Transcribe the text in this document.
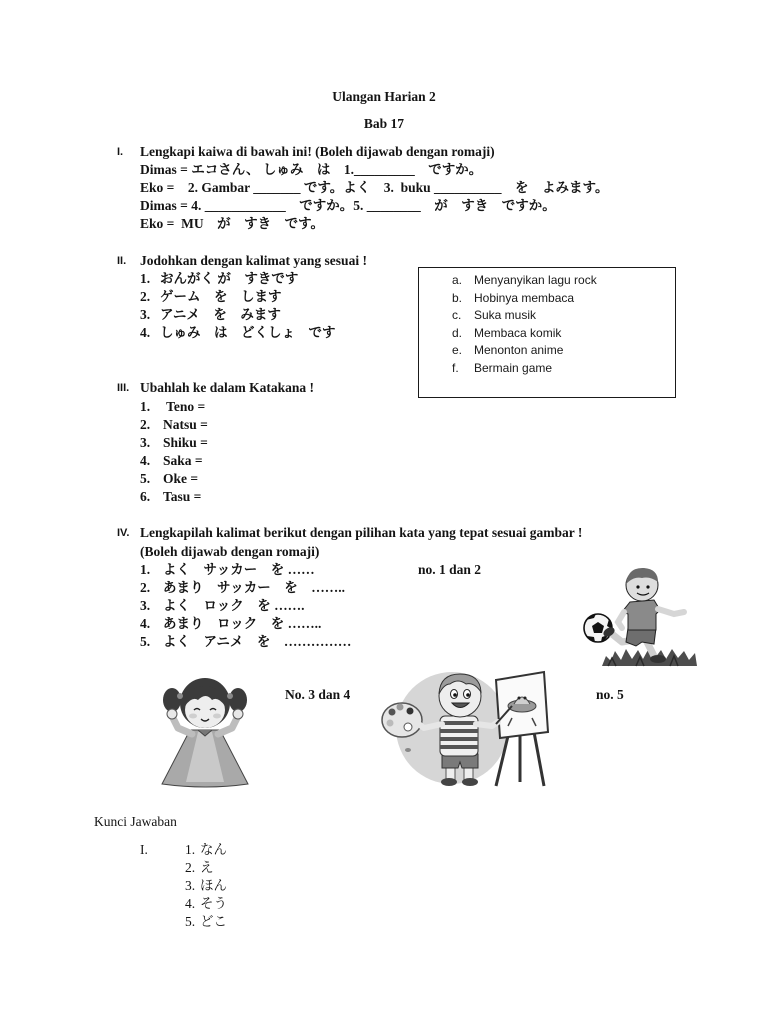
Ulangan Harian 2
Bab 17
I. Lengkapi kaiwa di bawah ini! (Boleh dijawab dengan romaji)
Dimas = エコさん、 しゅみ　は　1._________　ですか。
Eko =　2. Gambar _______ です。よく　3.  buku __________　を　よみます。
Dimas = 4. ____________　ですか。5. ________　が　すき　ですか。
Eko =  MU　が　すき　です。
II. Jodohkan dengan kalimat yang sesuai !
1. おんがく が　すきです
2. ゲーム　を　します
3. アニメ　を　みます
4. しゅみ　は　どくしょ　です

a.

Menyanyikan lagu rock

b.

Hobinya membaca

c.

Suka musik

d.

Membaca komik

e.

Menonton anime

f.

Bermain game

III. Ubahlah ke dalam Katakana !
1. Teno =
2. Natsu =
3. Shiku =
4. Saka =
5. Oke =
6. Tasu =
IV. Lengkapilah kalimat berikut dengan pilihan kata yang tepat sesuai gambar !
(Boleh dijawab dengan romaji)
1. よく　サッカー　を ……
2. あまり　サッカー　を　……..
3. よく　ロック　を …….
4. あまり　ロック　を ……..
5. よく　アニメ　を　……………
no. 1 dan 2
No. 3 dan 4	no. 5
Kunci Jawaban
I.	1. なん
2. え
3. ほん
4. そう
5. どこ
